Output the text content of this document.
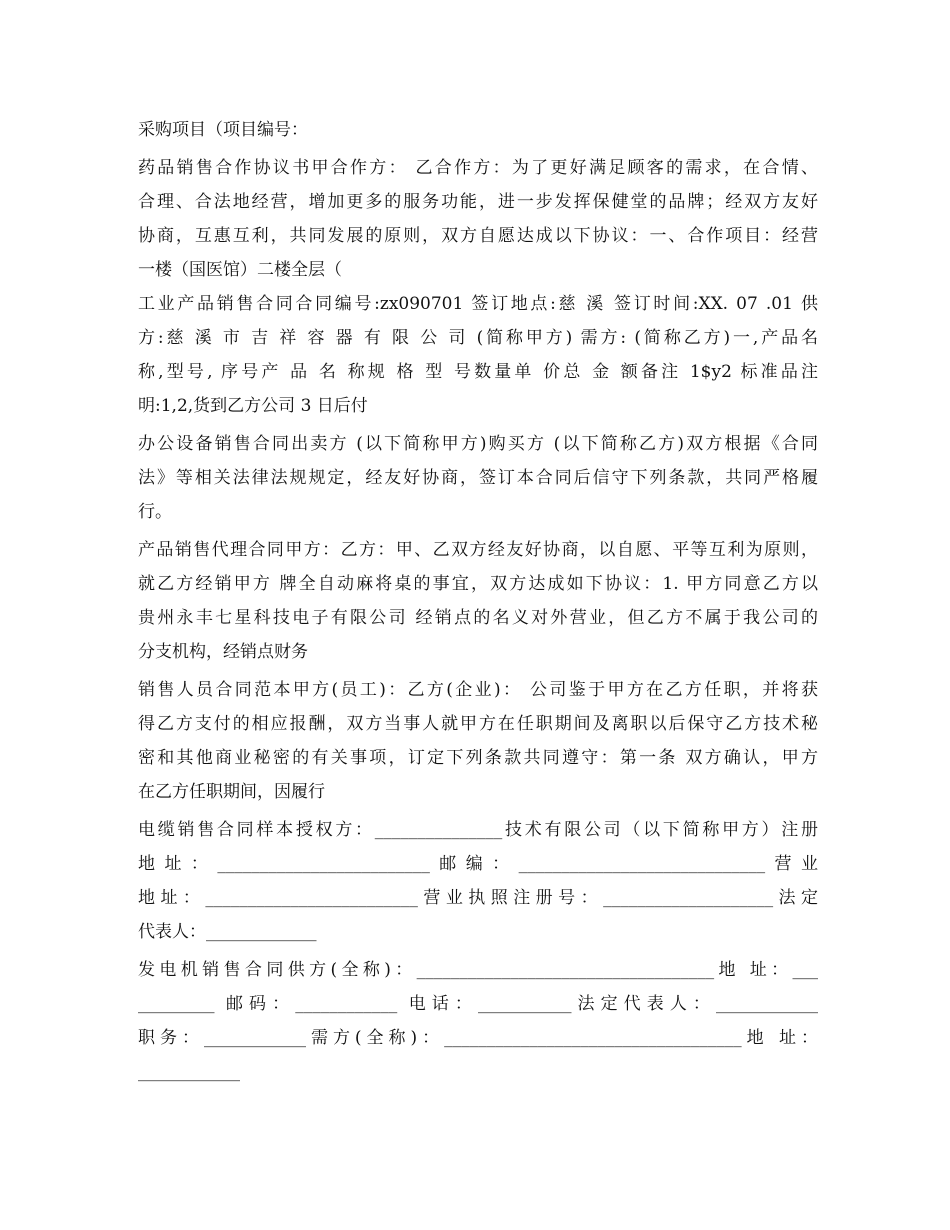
采购项目（项目编号：
药品销售合作协议书甲合作方： 乙合作方：为了更好满足顾客的需求，在合情、
合理、合法地经营，增加更多的服务功能，进一步发挥保健堂的品牌；经双方友好
协商，互惠互利，共同发展的原则，双方自愿达成以下协议：一、合作项目：经营
一楼（国医馆）二楼全层（
工业产品销售合同合同编号:zx090701 签订地点:慈 溪 签订时间:XX. 07 .01 供
方:慈 溪 市 吉 祥 容 器 有 限 公 司 (简称甲方) 需方: (简称乙方)一,产品名
称,型号, 序号产 品 名 称规 格 型 号数量单 价总 金 额备注 1$y2 标准品注
明:1,2,货到乙方公司 3 日后付
办公设备销售合同出卖方 (以下简称甲方)购买方 (以下简称乙方)双方根据《合同
法》等相关法律法规规定，经友好协商，签订本合同后信守下列条款，共同严格履
行。
产品销售代理合同甲方：乙方：甲、乙双方经友好协商，以自愿、平等互利为原则，
就乙方经销甲方 牌全自动麻将桌的事宜，双方达成如下协议：1. 甲方同意乙方以
贵州永丰七星科技电子有限公司 经销点的名义对外营业，但乙方不属于我公司的
分支机构，经销点财务
销售人员合同范本甲方(员工)：乙方(企业)： 公司鉴于甲方在乙方任职，并将获
得乙方支付的相应报酬，双方当事人就甲方在任职期间及离职以后保守乙方技术秘
密和其他商业秘密的有关事项，订定下列条款共同遵守：第一条 双方确认，甲方
在乙方任职期间，因履行
电缆销售合同样本授权方：_______________技术有限公司（以下简称甲方）注册
地址：_________________________邮编：_____________________________营业
地址：_________________________营业执照注册号：____________________法定
代表人：_____________
发电机销售合同供方(全称)：___________________________________地 址：___
_________ 邮码：____________ 电话：___________法定代表人：____________
职务：____________需方(全称)：___________________________________地 址：
____________
